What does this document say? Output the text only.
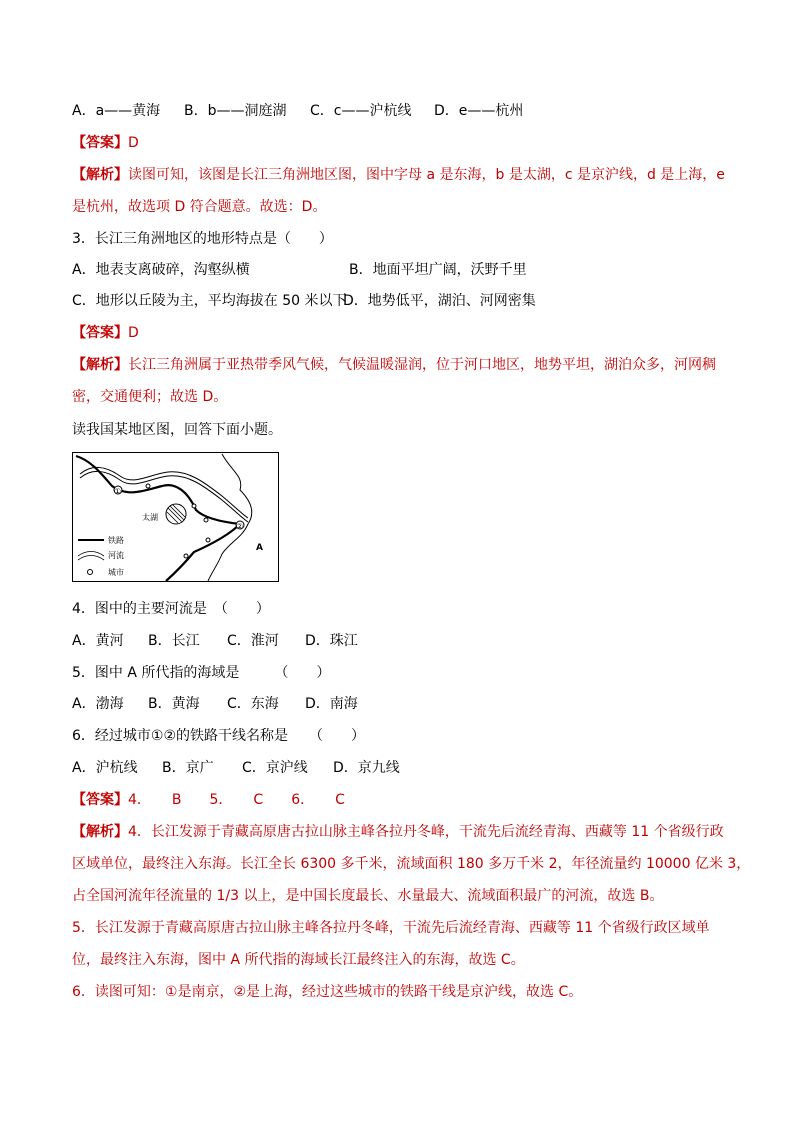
A．a——黄海 B．b——洞庭湖 C．c——沪杭线 D．e——杭州
【答案】D
【解析】读图可知，该图是长江三角洲地区图，图中字母 a 是东海，b 是太湖，c 是京沪线，d 是上海，e
是杭州，故选项 D 符合题意。故选：D。
3．长江三角洲地区的地形特点是（　　）
A．地表支离破碎，沟壑纵横	B．地面平坦广阔，沃野千里
C．地形以丘陵为主，平均海拔在 50 米以下D．地势低平，湖泊、河网密集
【答案】D
【解析】长江三角洲属于亚热带季风气候，气候温暖湿润，位于河口地区，地势平坦，湖泊众多，河网稠
密，交通便利；故选 D。
读我国某地区图，回答下面小题。
太湖
①
②
A
铁路
河流
城市
4．图中的主要河流是　（　　）
A．黄河 B．长江 C．淮河 D．珠江
5．图中 A 所代指的海域是　　　（　　）
A．渤海 B．黄海 C．东海 D．南海
6．经过城市①②的铁路干线名称是　　（　　）
A．沪杭线 B．京广 C．京沪线 D．京九线
【答案】4．　　B　　5．　　C　　6．　　C
【解析】4．长江发源于青藏高原唐古拉山脉主峰各拉丹冬峰，干流先后流经青海、西藏等 11 个省级行政
区域单位，最终注入东海。长江全长 6300 多千米，流域面积 180 多万千米 2，年径流量约 10000 亿米 3，
占全国河流年径流量的 1/3 以上，是中国长度最长、水量最大、流域面积最广的河流，故选 B。
5．长江发源于青藏高原唐古拉山脉主峰各拉丹冬峰，干流先后流经青海、西藏等 11 个省级行政区域单
位，最终注入东海，图中 A 所代指的海域长江最终注入的东海，故选 C。
6．读图可知：①是南京，②是上海，经过这些城市的铁路干线是京沪线，故选 C。
